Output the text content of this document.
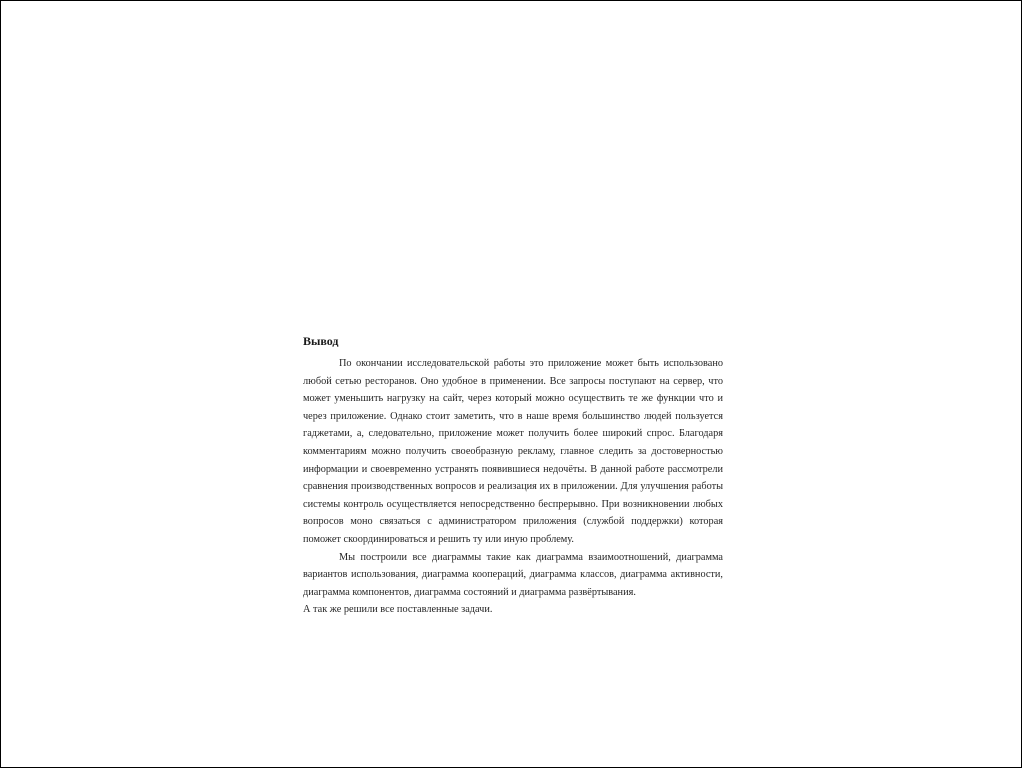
Вывод

По окончании исследовательской работы это приложение может быть использовано любой сетью ресторанов. Оно удобное в применении. Все запросы поступают на сервер, что может уменьшить нагрузку на сайт, через который можно осуществить те же функции что и через приложение. Однако стоит заметить, что в наше время большинство людей пользуется гаджетами, а, следовательно, приложение может получить более широкий спрос. Благодаря комментариям можно получить своеобразную рекламу, главное следить за достоверностью информации и своевременно устранять появившиеся недочёты. В данной работе рассмотрели сравнения производственных вопросов и реализация их в приложении. Для улучшения работы системы контроль осуществляется непосредственно беспрерывно. При возникновении любых вопросов моно связаться с администратором приложения (службой поддержки) которая поможет скоординироваться и решить ту или иную проблему.

Мы построили все диаграммы такие как диаграмма взаимоотношений, диаграмма вариантов использования, диаграмма коопераций, диаграмма классов, диаграмма активности, диаграмма компонентов, диаграмма состояний и диаграмма развёртывания.

А так же решили все поставленные задачи.
